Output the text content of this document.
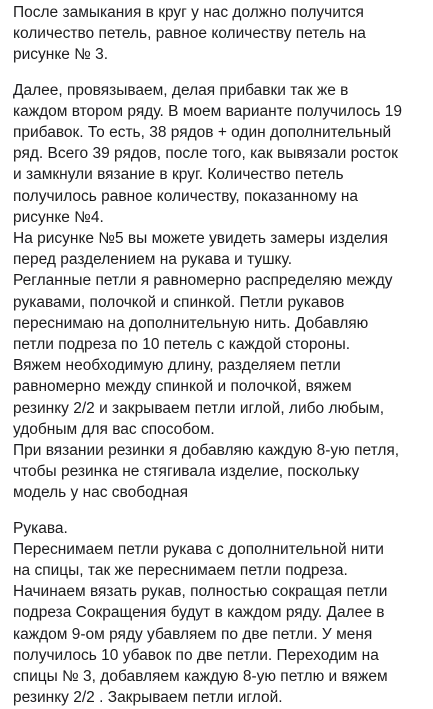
После замыкания в круг у нас должно получится
количество петель, равное количеству петель на
рисунке № 3.
Далее, провязываем, делая прибавки так же в
каждом втором ряду. В моем варианте получилось 19
прибавок. То есть, 38 рядов + один дополнительный
ряд. Всего 39 рядов, после того, как вывязали росток
и замкнули вязание в круг. Количество петель
получилось равное количеству, показанному на
рисунке №4.
На рисунке №5 вы можете увидеть замеры изделия
перед разделением на рукава и тушку.
Регланные петли я равномерно распределяю между
рукавами, полочкой и спинкой. Петли рукавов
переснимаю на дополнительную нить. Добавляю
петли подреза по 10 петель с каждой стороны.
Вяжем необходимую длину, разделяем петли
равномерно между спинкой и полочкой, вяжем
резинку 2/2 и закрываем петли иглой, либо любым,
удобным для вас способом.
При вязании резинки я добавляю каждую 8-ую петля,
чтобы резинка не стягивала изделие, поскольку
модель у нас свободная
Рукава.
Переснимаем петли рукава с дополнительной нити
на спицы, так же переснимаем петли подреза.
Начинаем вязать рукав, полностью сокращая петли
подреза Сокращения будут в каждом ряду. Далее в
каждом 9-ом ряду убавляем по две петли. У меня
получилось 10 убавок по две петли. Переходим на
спицы № 3, добавляем каждую 8-ую петлю и вяжем
резинку 2/2 . Закрываем петли иглой.
